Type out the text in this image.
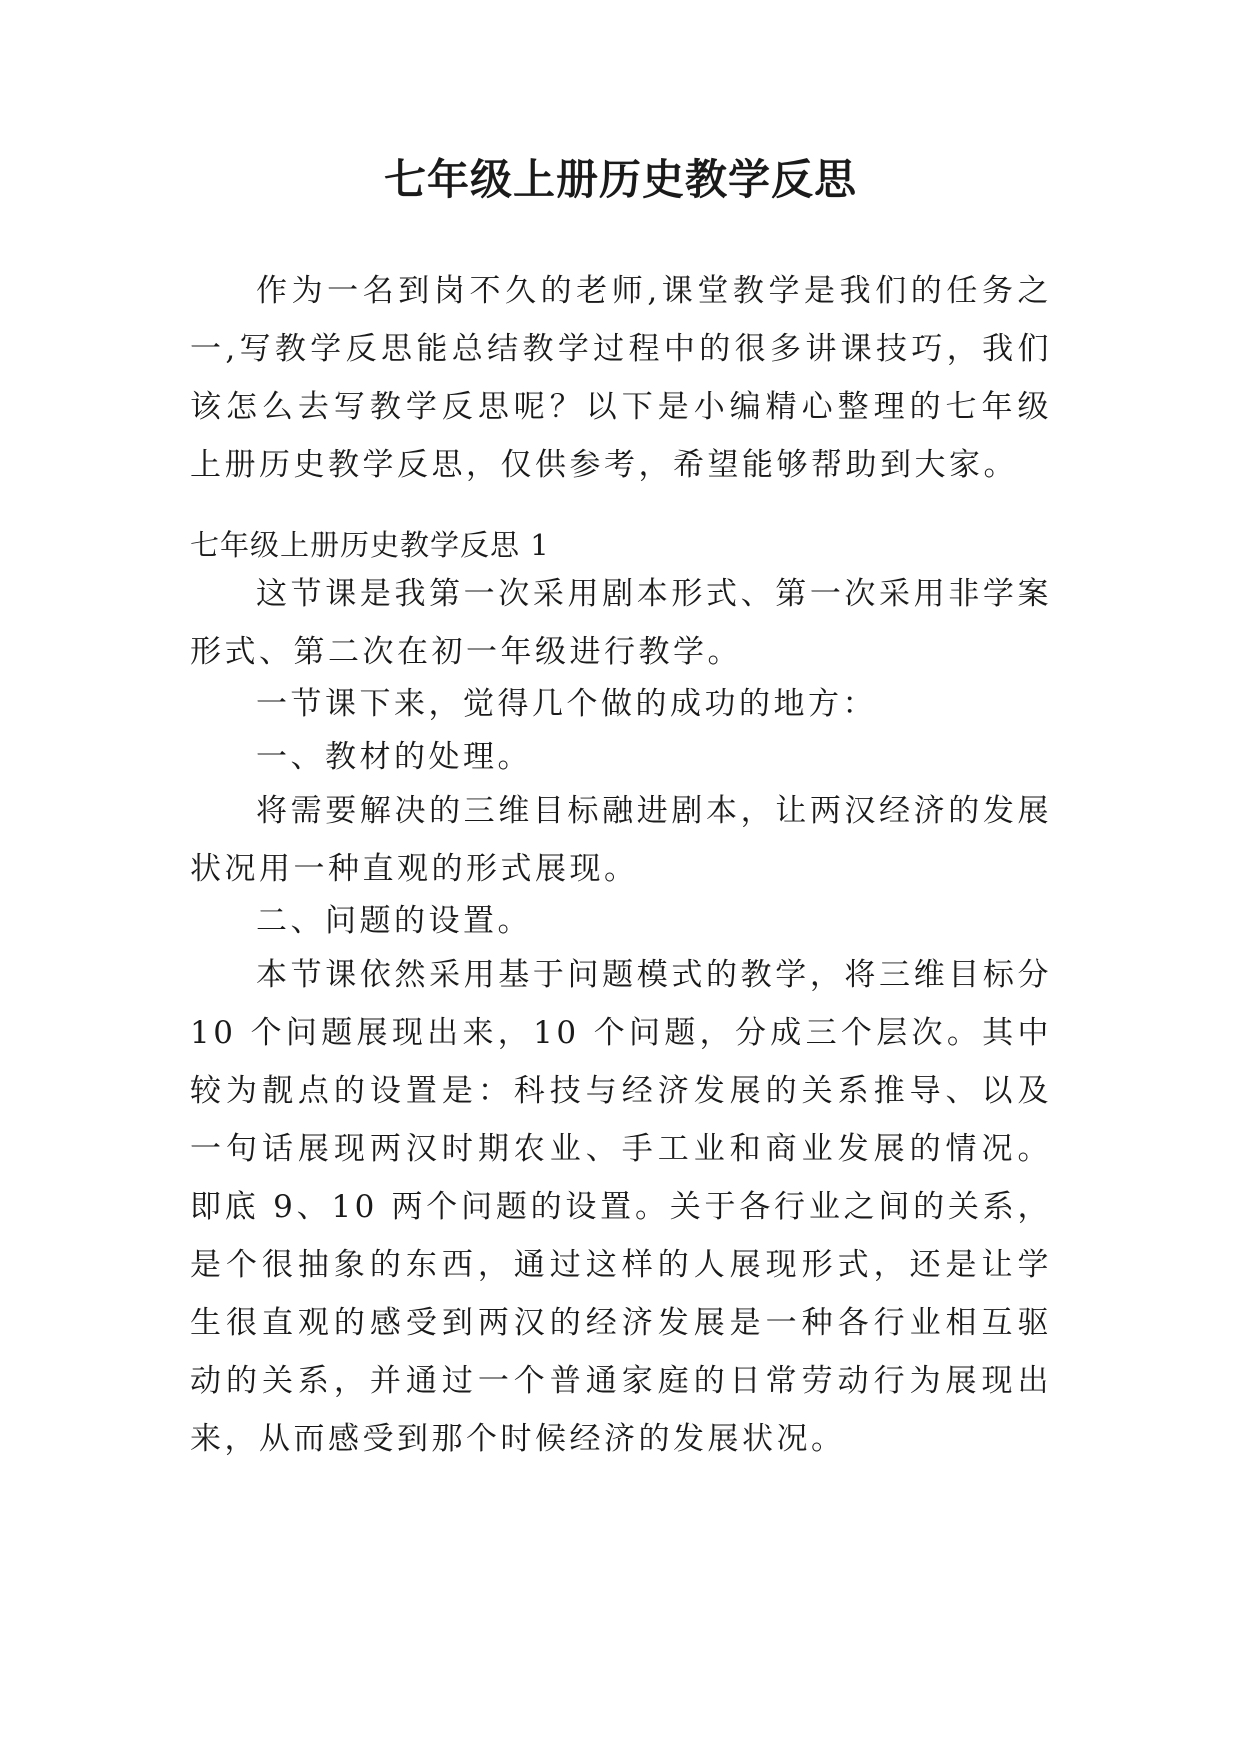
七年级上册历史教学反思

作为一名到岗不久的老师,课堂教学是我们的任务之一,写教学反思能总结教学过程中的很多讲课技巧，我们该怎么去写教学反思呢？以下是小编精心整理的七年级上册历史教学反思，仅供参考，希望能够帮助到大家。

七年级上册历史教学反思 1

这节课是我第一次采用剧本形式、第一次采用非学案形式、第二次在初一年级进行教学。

一节课下来，觉得几个做的成功的地方：

一、教材的处理。

将需要解决的三维目标融进剧本，让两汉经济的发展状况用一种直观的形式展现。

二、问题的设置。

本节课依然采用基于问题模式的教学，将三维目标分 10 个问题展现出来，10 个问题，分成三个层次。其中较为靓点的设置是：科技与经济发展的关系推导、以及一句话展现两汉时期农业、手工业和商业发展的情况。即底 9、10 两个问题的设置。关于各行业之间的关系，是个很抽象的东西，通过这样的人展现形式，还是让学生很直观的感受到两汉的经济发展是一种各行业相互驱动的关系，并通过一个普通家庭的日常劳动行为展现出来，从而感受到那个时候经济的发展状况。
